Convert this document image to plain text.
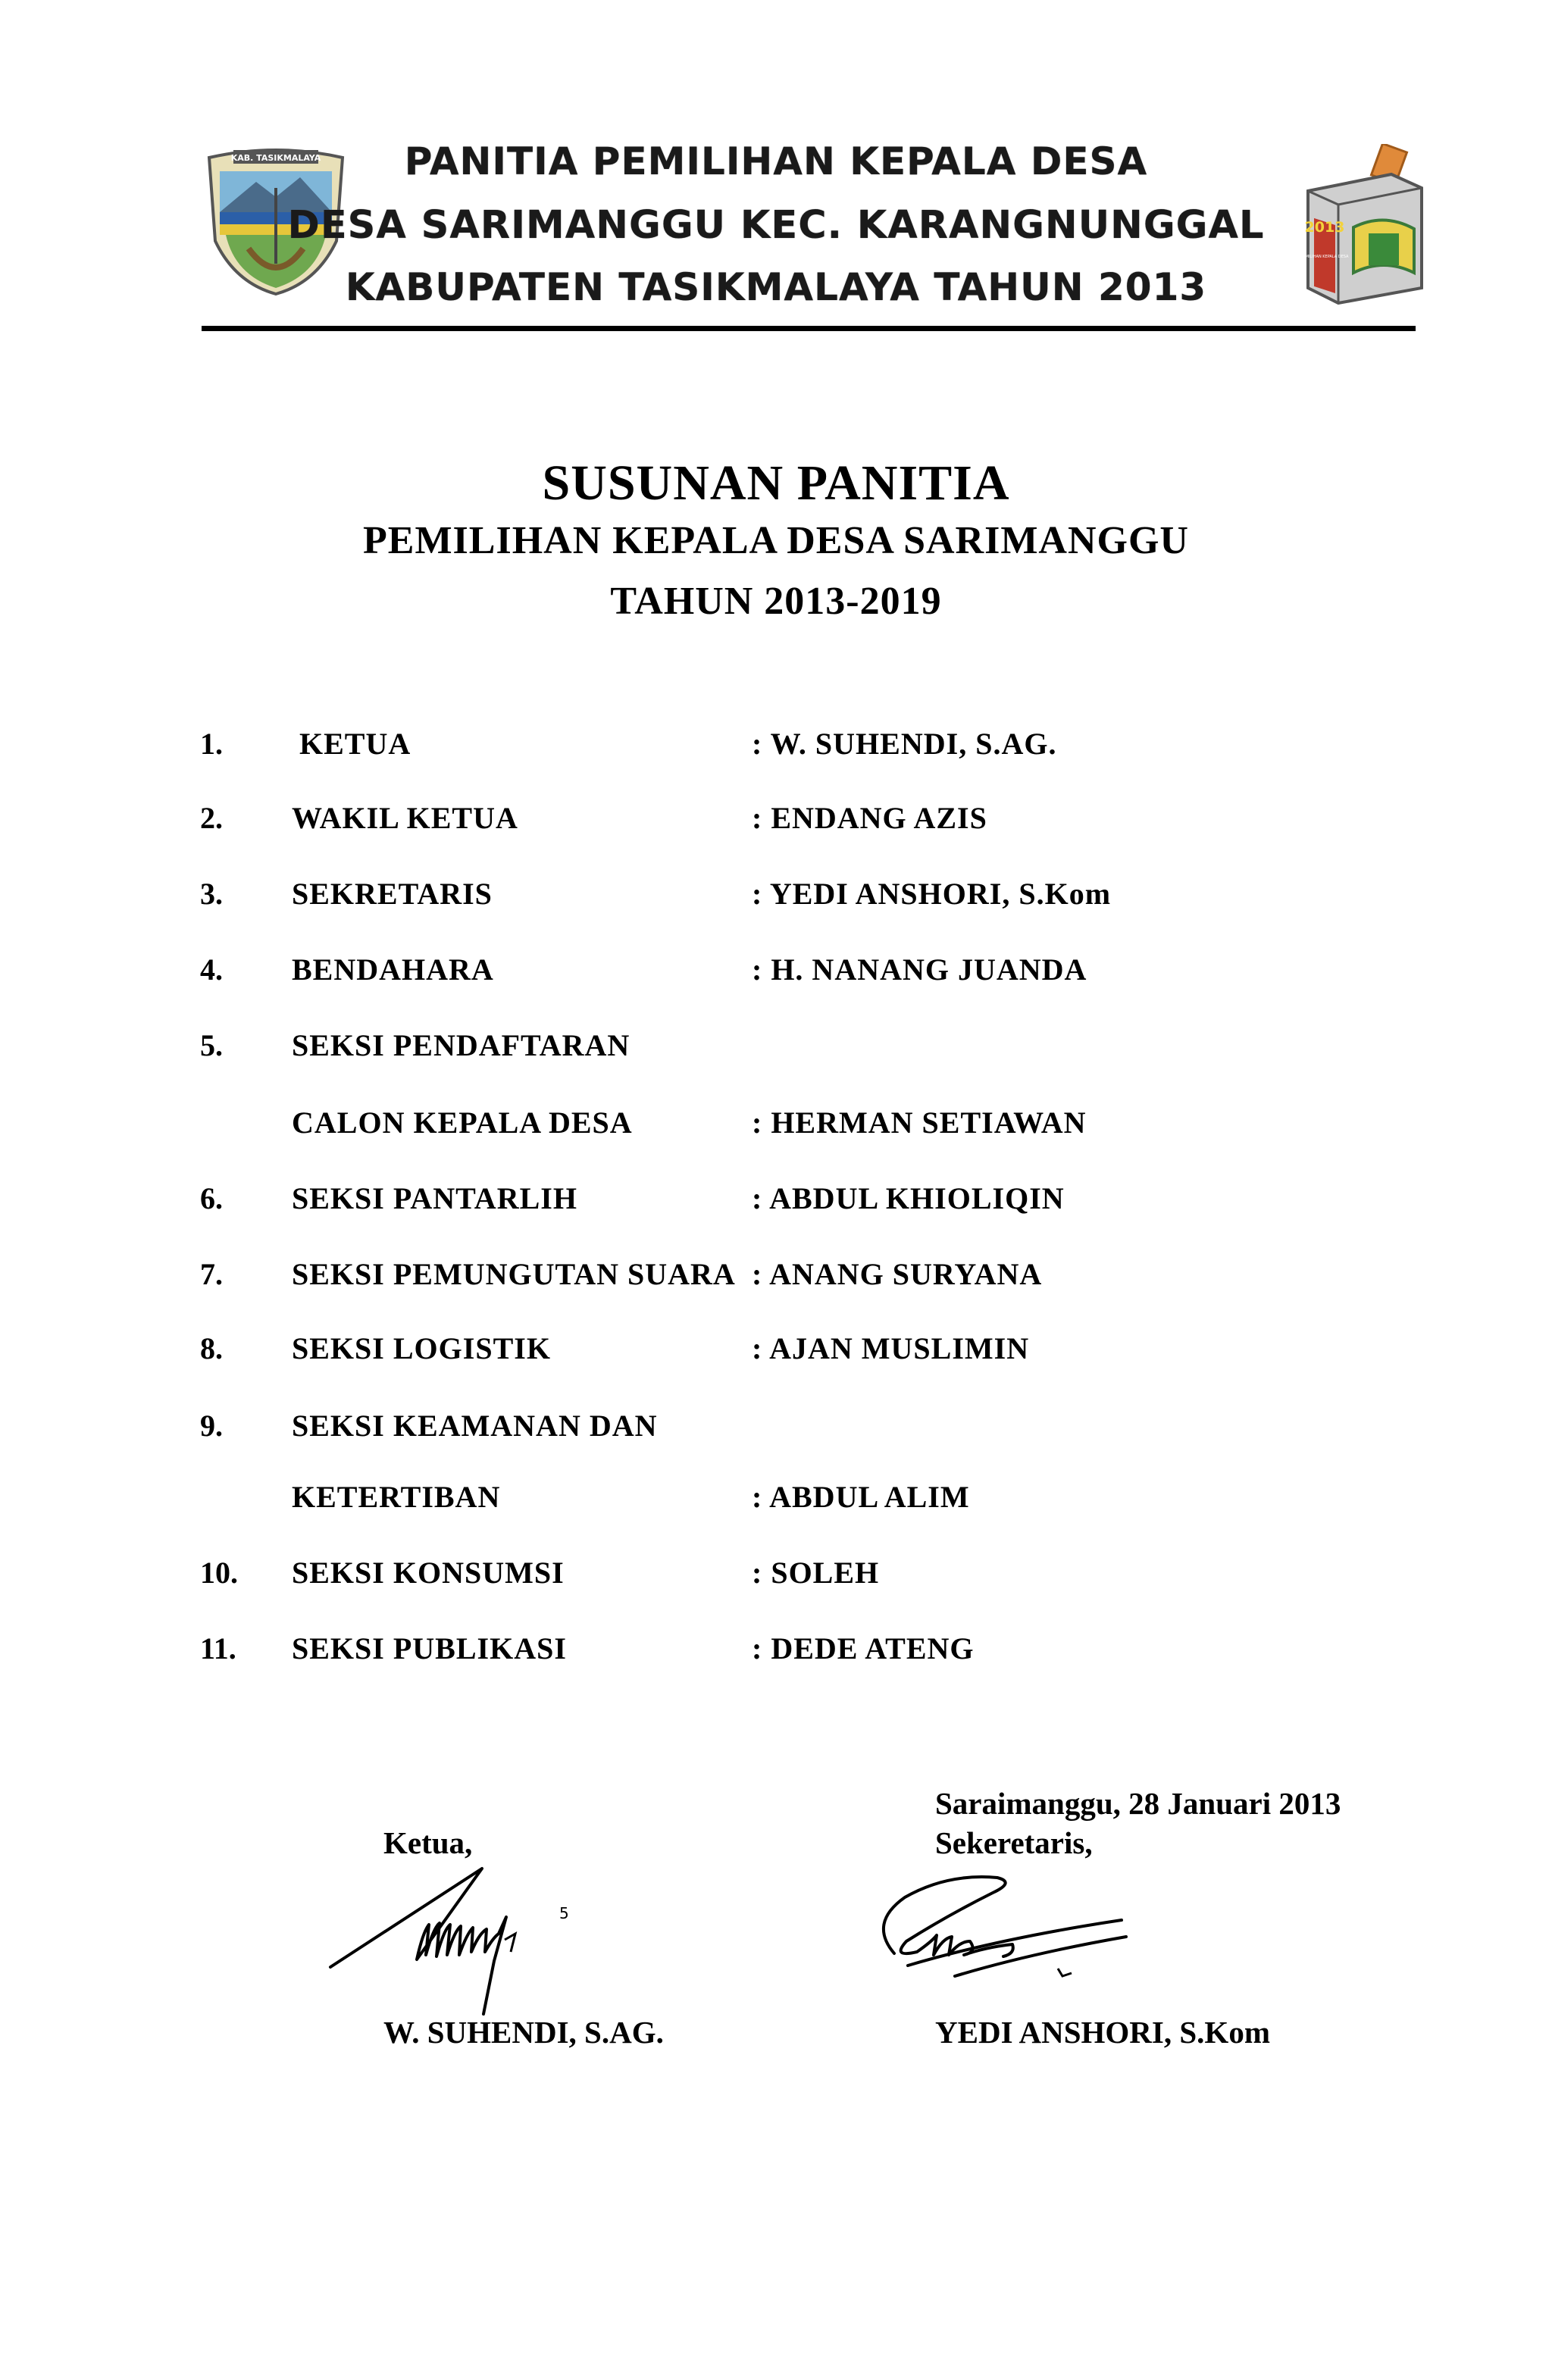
KAB. TASIKMALAYA	PANITIA PEMILIHAN KEPALA DESA
DESA SARIMANGGU KEC. KARANGNUNGGAL
KABUPATEN TASIKMALAYA TAHUN 2013
2013
PEMILIHAN KEPALA DESA
SUSUNAN PANITIA
PEMILIHAN KEPALA DESA SARIMANGGU
TAHUN 2013-2019
1.	KETUA	: W. SUHENDI, S.AG.
2. WAKIL KETUA	: ENDANG AZIS
3. SEKRETARIS	: YEDI ANSHORI, S.Kom
4. BENDAHARA	: H. NANANG JUANDA
5. SEKSI PENDAFTARAN
CALON KEPALA DESA	: HERMAN SETIAWAN
6. SEKSI PANTARLIH	: ABDUL KHIOLIQIN
7. SEKSI PEMUNGUTAN SUARA : ANANG SURYANA
8. SEKSI LOGISTIK	: AJAN MUSLIMIN
9. SEKSI KEAMANAN DAN
KETERTIBAN	: ABDUL ALIM
10. SEKSI KONSUMSI	: SOLEH
11. SEKSI PUBLIKASI	: DEDE ATENG
Saraimanggu, 28 Januari 2013
Ketua,	Sekeretaris,
5
W. SUHENDI, S.AG.	YEDI ANSHORI, S.Kom
